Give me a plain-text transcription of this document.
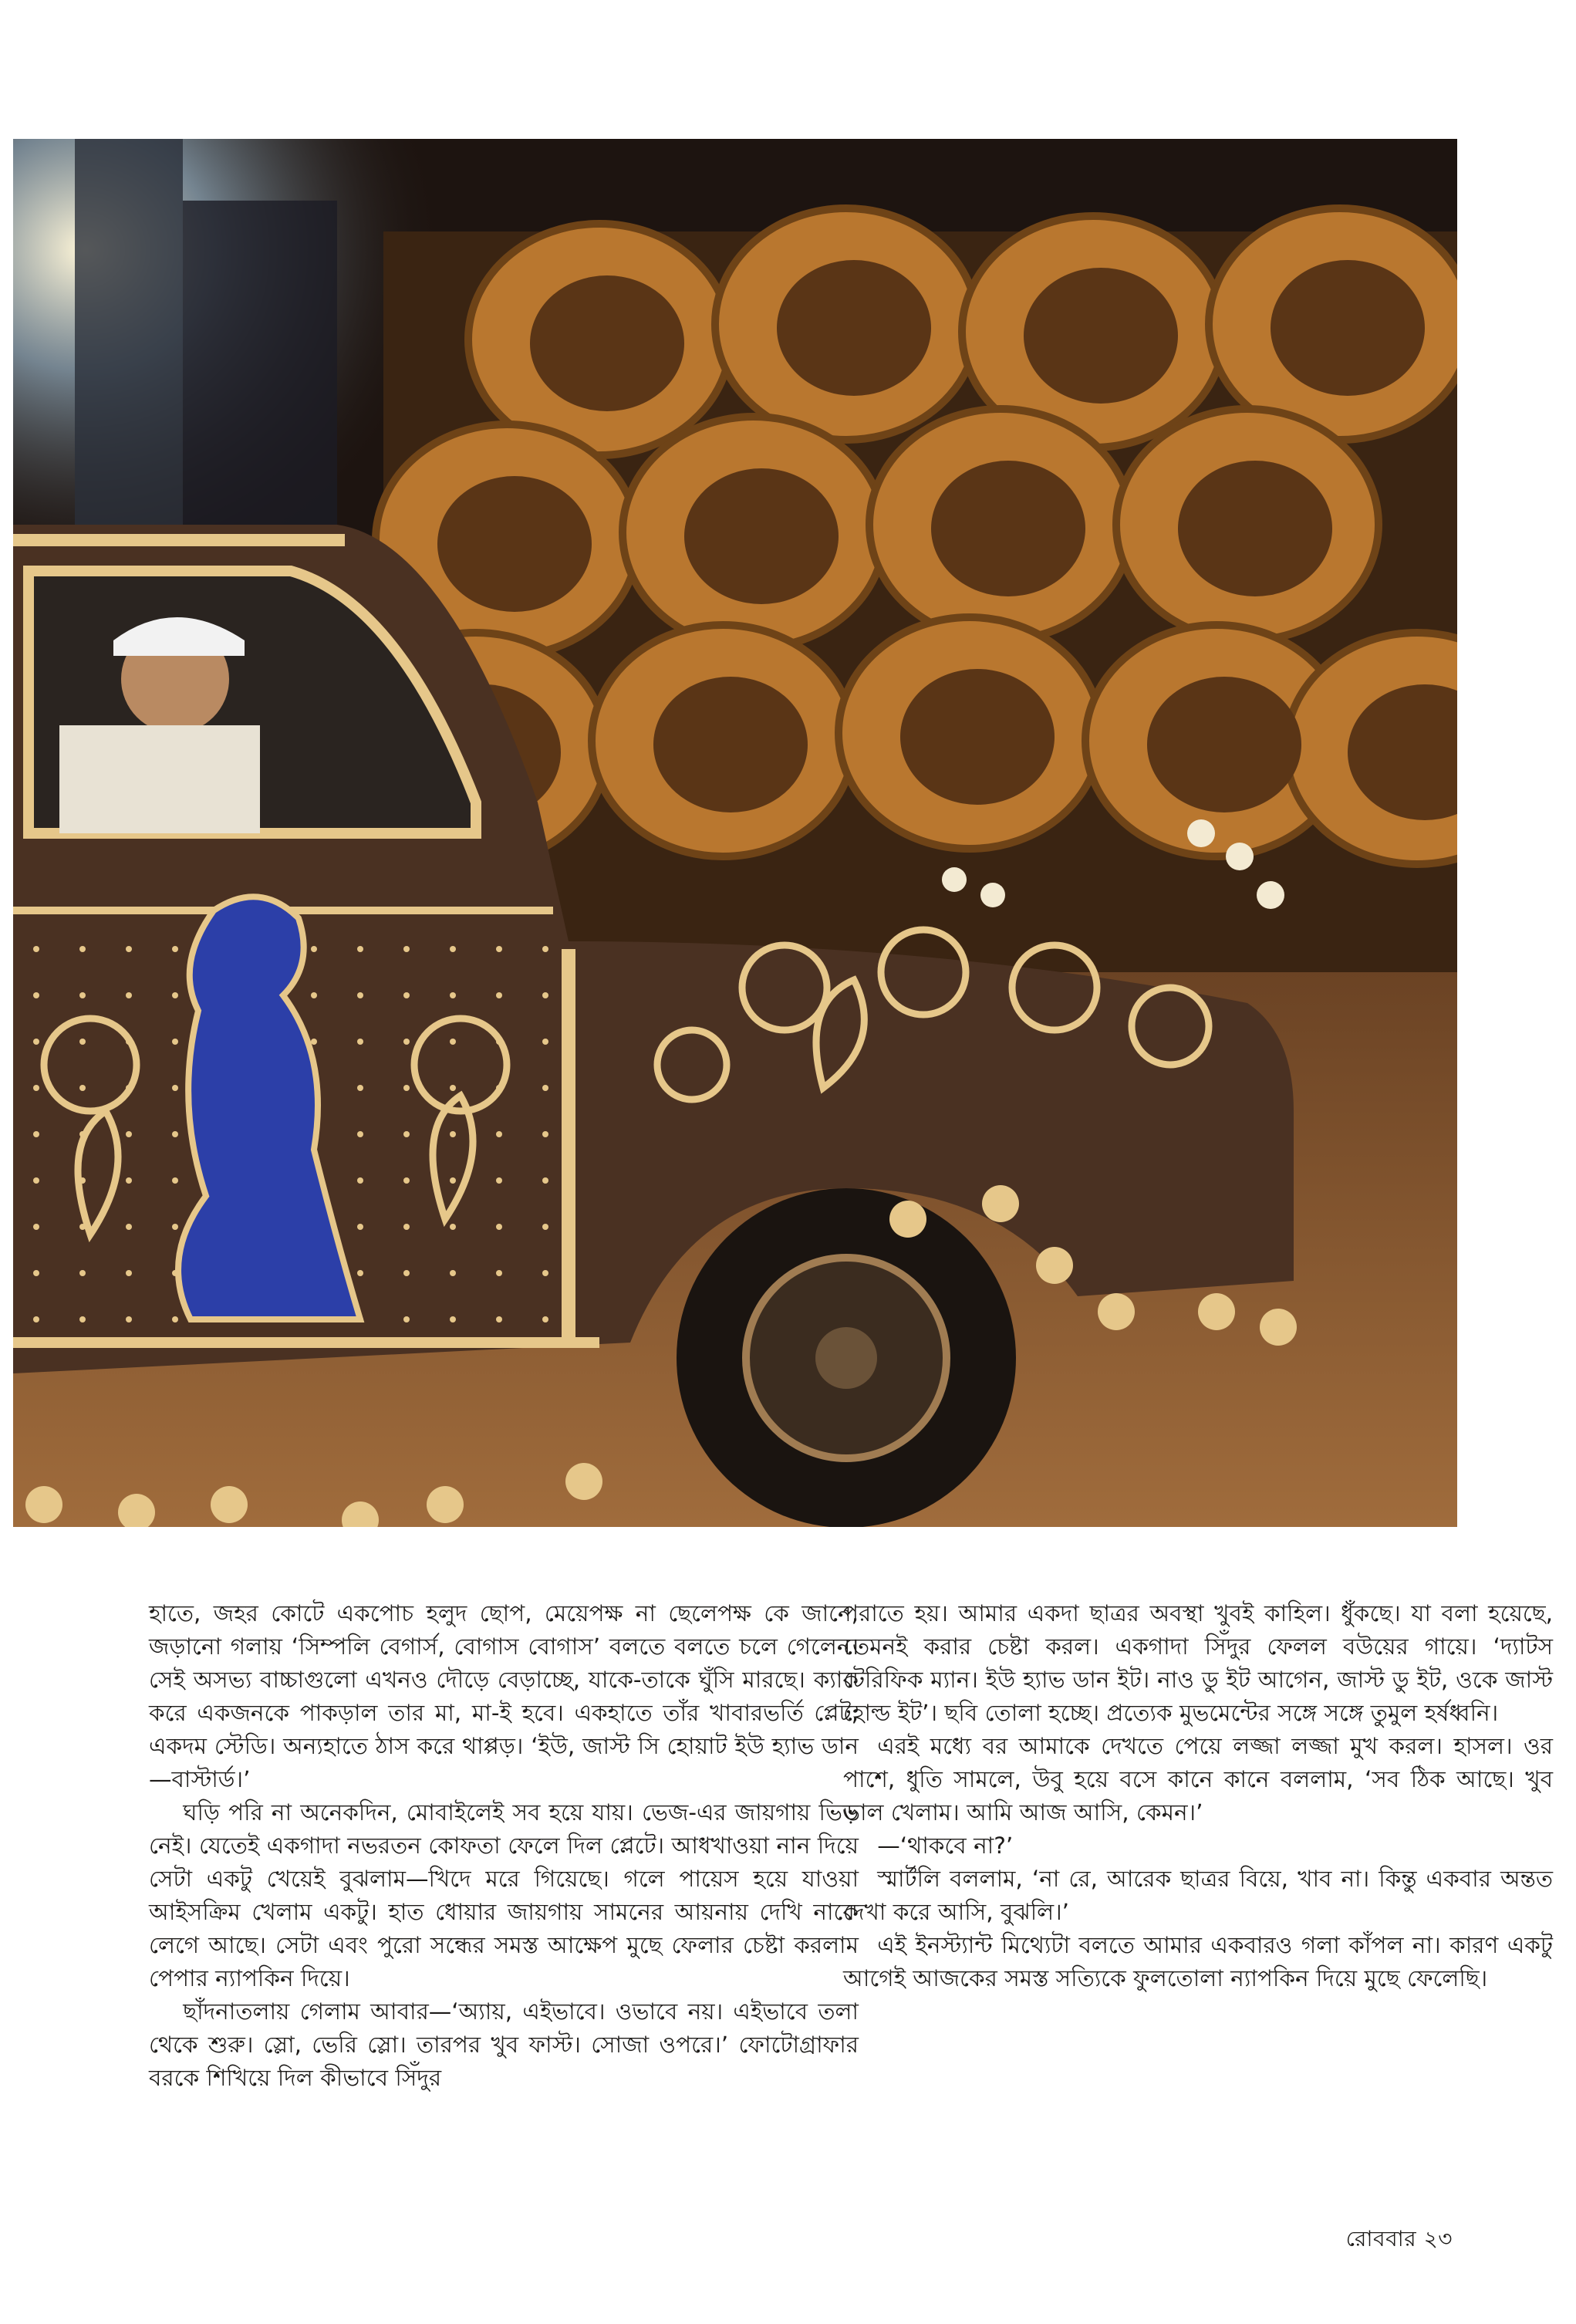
হাতে, জহর কোটে একপোচ হলুদ ছোপ, মেয়েপক্ষ না ছেলেপক্ষ কে জানে, জড়ানো গলায় ‘সিম্পলি বেগার্স, বোগাস বোগাস’ বলতে বলতে চলে গেলেন। সেই অসভ্য বাচ্চাগুলো এখনও দৌড়ে বেড়াচ্ছে, যাকে-তাকে ঘুঁসি মারছে। ক্যাক করে একজনকে পাকড়াল তার মা, মা-ই হবে। একহাতে তাঁর খাবারভর্তি প্লেট, একদম স্টেডি। অন্যহাতে ঠাস করে থাপ্পড়। ‘ইউ, জাস্ট সি হোয়াট ইউ হ্যাভ ডান—বাস্টার্ড।’

ঘড়ি পরি না অনেকদিন, মোবাইলেই সব হয়ে যায়। ভেজ-এর জায়গায় ভিড় নেই। যেতেই একগাদা নভরতন কোফতা ফেলে দিল প্লেটে। আধখাওয়া নান দিয়ে সেটা একটু খেয়েই বুঝলাম—খিদে মরে গিয়েছে। গলে পায়েস হয়ে যাওয়া আইসক্রিম খেলাম একটু। হাত ধোয়ার জায়গায় সামনের আয়নায় দেখি নাকে লেগে আছে। সেটা এবং পুরো সন্ধের সমস্ত আক্ষেপ মুছে ফেলার চেষ্টা করলাম পেপার ন্যাপকিন দিয়ে।

ছাঁদনাতলায় গেলাম আবার—‘অ্যায়, এইভাবে। ওভাবে নয়। এইভাবে তলা থেকে শুরু। স্লো, ভেরি স্লো। তারপর খুব ফাস্ট। সোজা ওপরে।’ ফোটোগ্রাফার বরকে শিখিয়ে দিল কীভাবে সিঁদুর

পরাতে হয়। আমার একদা ছাত্রর অবস্থা খুবই কাহিল। ধুঁকছে। যা বলা হয়েছে, তেমনই করার চেষ্টা করল। একগাদা সিঁদুর ফেলল বউয়ের গায়ে। ‘দ্যাটস টেরিফিক ম্যান। ইউ হ্যাভ ডান ইট। নাও ডু ইট আগেন, জাস্ট ডু ইট, ওকে জাস্ট হোল্ড ইট’। ছবি তোলা হচ্ছে। প্রত্যেক মুভমেন্টের সঙ্গে সঙ্গে তুমুল হর্ষধ্বনি।

এরই মধ্যে বর আমাকে দেখতে পেয়ে লজ্জা লজ্জা মুখ করল। হাসল। ওর পাশে, ধুতি সামলে, উবু হয়ে বসে কানে কানে বললাম, ‘সব ঠিক আছে। খুব ভাল খেলাম। আমি আজ আসি, কেমন।’

—‘থাকবে না?’

স্মার্টলি বললাম, ‘না রে, আরেক ছাত্রর বিয়ে, খাব না। কিন্তু একবার অন্তত দেখা করে আসি, বুঝলি।’

এই ইনস্ট্যান্ট মিথ্যেটা বলতে আমার একবারও গলা কাঁপল না। কারণ একটু আগেই আজকের সমস্ত সত্যিকে ফুলতোলা ন্যাপকিন দিয়ে মুছে ফেলেছি।

রোববার ২৩
